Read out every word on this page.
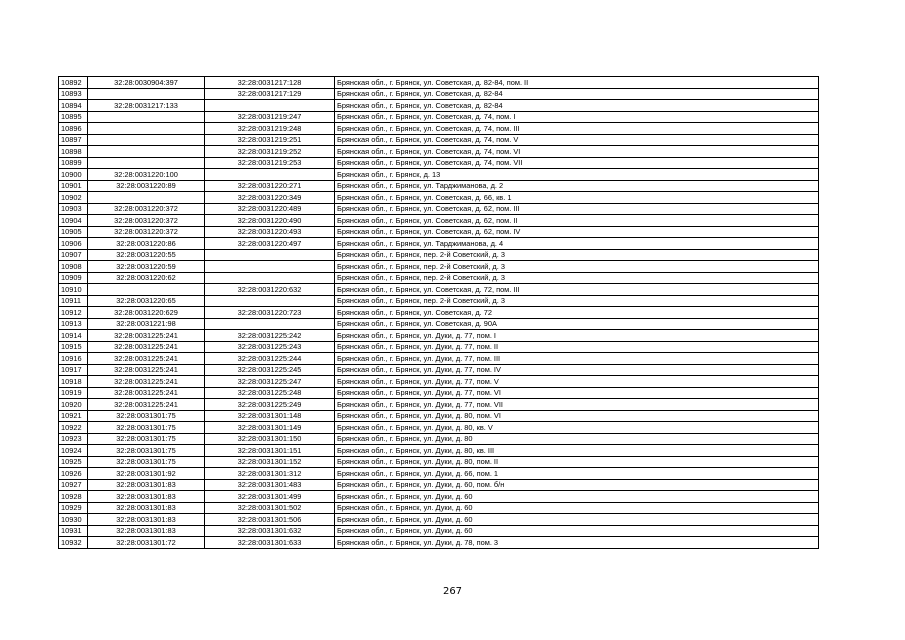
10892	32:28:0030904:397	32:28:0031217:128	Брянская обл., г. Брянск, ул. Советская, д. 82-84, пом. II
10893		32:28:0031217:129	Брянская обл., г. Брянск, ул. Советская, д. 82-84
10894	32:28:0031217:133		Брянская обл., г. Брянск, ул. Советская, д. 82-84
10895		32:28:0031219:247	Брянская обл., г. Брянск, ул. Советская, д. 74, пом. I
10896		32:28:0031219:248	Брянская обл., г. Брянск, ул. Советская, д. 74, пом. III
10897		32:28:0031219:251	Брянская обл., г. Брянск, ул. Советская, д. 74, пом. V
10898		32:28:0031219:252	Брянская обл., г. Брянск, ул. Советская, д. 74, пом. VI
10899		32:28:0031219:253	Брянская обл., г. Брянск, ул. Советская, д. 74, пом. VII
10900	32:28:0031220:100		Брянская обл., г. Брянск, д. 13
10901	32:28:0031220:89	32:28:0031220:271	Брянская обл., г. Брянск, ул. Тарджиманова, д. 2
10902		32:28:0031220:349	Брянская обл., г. Брянск, ул. Советская, д. 66, кв. 1
10903	32:28:0031220:372	32:28:0031220:489	Брянская обл., г. Брянск, ул. Советская, д. 62, пом. III
10904	32:28:0031220:372	32:28:0031220:490	Брянская обл., г. Брянск, ул. Советская, д. 62, пом. II
10905	32:28:0031220:372	32:28:0031220:493	Брянская обл., г. Брянск, ул. Советская, д. 62, пом. IV
10906	32:28:0031220:86	32:28:0031220:497	Брянская обл., г. Брянск, ул. Тарджиманова, д. 4
10907	32:28:0031220:55		Брянская обл., г. Брянск, пер. 2-й Советский, д. 3
10908	32:28:0031220:59		Брянская обл., г. Брянск, пер. 2-й Советский, д. 3
10909	32:28:0031220:62		Брянская обл., г. Брянск, пер. 2-й Советский, д. 3
10910		32:28:0031220:632	Брянская обл., г. Брянск, ул. Советская, д. 72, пом. III
10911	32:28:0031220:65		Брянская обл., г. Брянск, пер. 2-й Советский, д. 3
10912	32:28:0031220:629	32:28:0031220:723	Брянская обл., г. Брянск, ул. Советская, д. 72
10913	32:28:0031221:98		Брянская обл., г. Брянск, ул. Советская, д. 90А
10914	32:28:0031225:241	32:28:0031225:242	Брянская обл., г. Брянск, ул. Дуки, д. 77, пом. I
10915	32:28:0031225:241	32:28:0031225:243	Брянская обл., г. Брянск, ул. Дуки, д. 77, пом. II
10916	32:28:0031225:241	32:28:0031225:244	Брянская обл., г. Брянск, ул. Дуки, д. 77, пом. III
10917	32:28:0031225:241	32:28:0031225:245	Брянская обл., г. Брянск, ул. Дуки, д. 77, пом. IV
10918	32:28:0031225:241	32:28:0031225:247	Брянская обл., г. Брянск, ул. Дуки, д. 77, пом. V
10919	32:28:0031225:241	32:28:0031225:248	Брянская обл., г. Брянск, ул. Дуки, д. 77, пом. VI
10920	32:28:0031225:241	32:28:0031225:249	Брянская обл., г. Брянск, ул. Дуки, д. 77, пом. VII
10921	32:28:0031301:75	32:28:0031301:148	Брянская обл., г. Брянск, ул. Дуки, д. 80, пом. VI
10922	32:28:0031301:75	32:28:0031301:149	Брянская обл., г. Брянск, ул. Дуки, д. 80, кв. V
10923	32:28:0031301:75	32:28:0031301:150	Брянская обл., г. Брянск, ул. Дуки, д. 80
10924	32:28:0031301:75	32:28:0031301:151	Брянская обл., г. Брянск, ул. Дуки, д. 80, кв. III
10925	32:28:0031301:75	32:28:0031301:152	Брянская обл., г. Брянск, ул. Дуки, д. 80, пом. II
10926	32:28:0031301:92	32:28:0031301:312	Брянская обл., г. Брянск, ул. Дуки, д. 66, пом. 1
10927	32:28:0031301:83	32:28:0031301:483	Брянская обл., г. Брянск, ул. Дуки, д. 60, пом. б/н
10928	32:28:0031301:83	32:28:0031301:499	Брянская обл., г. Брянск, ул. Дуки, д. 60
10929	32:28:0031301:83	32:28:0031301:502	Брянская обл., г. Брянск, ул. Дуки, д. 60
10930	32:28:0031301:83	32:28:0031301:506	Брянская обл., г. Брянск, ул. Дуки, д. 60
10931	32:28:0031301:83	32:28:0031301:632	Брянская обл., г. Брянск, ул. Дуки, д. 60
10932	32:28:0031301:72	32:28:0031301:633	Брянская обл., г. Брянск, ул. Дуки, д. 78, пом. 3
267
